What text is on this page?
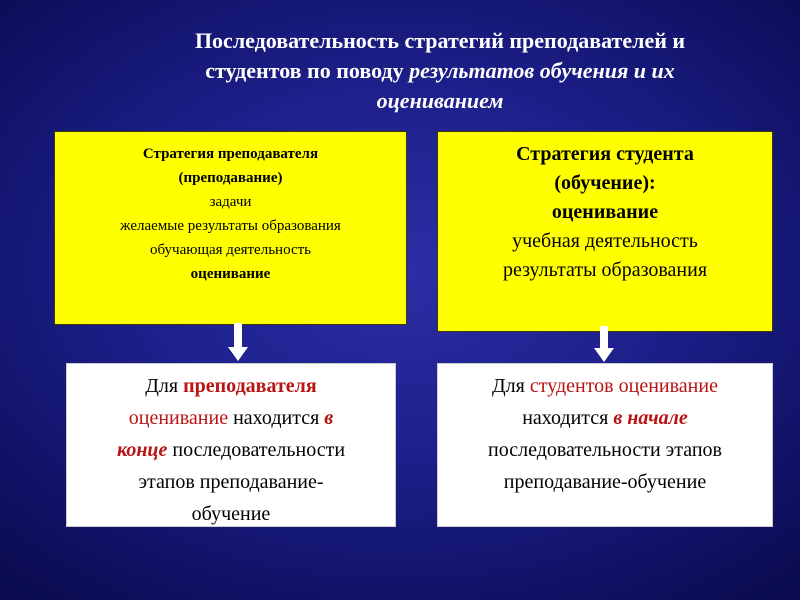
Последовательность стратегий преподавателей и
студентов по поводу результатов обучения и их
оцениванием
Стратегия преподавателя
(преподавание)
задачи
желаемые результаты образования
обучающая деятельность
оценивание
Стратегия студента
(обучение):
оценивание
учебная деятельность
результаты образования
Для преподавателя
оценивание находится в
конце последовательности
этапов преподавание-
обучение
Для студентов оценивание
находится в начале
последовательности этапов
преподавание-обучение
